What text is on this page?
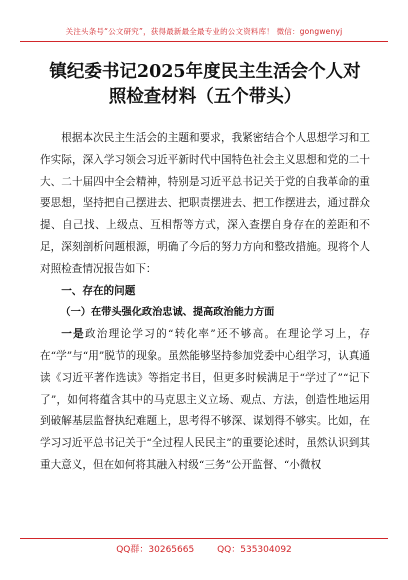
关注头条号“公文研究”，获得最新最全最专业的公文资料库！ 微信：gongwenyj
镇纪委书记2025年度民主生活会个人对
照检查材料（五个带头）

根据本次民主生活会的主题和要求，我紧密结合个人思想学习和工作实际，深入学习领会习近平新时代中国特色社会主义思想和党的二十大、二十届四中全会精神，特别是习近平总书记关于党的自我革命的重要思想，坚持把自己摆进去、把职责摆进去、把工作摆进去，通过群众提、自己找、上级点、互相帮等方式，深入查摆自身存在的差距和不足，深刻剖析问题根源，明确了今后的努力方向和整改措施。现将个人对照检查情况报告如下：

一、存在的问题

（一）在带头强化政治忠诚、提高政治能力方面

一是政治理论学习的“转化率”还不够高。在理论学习上，存在“学”与“用”脱节的现象。虽然能够坚持参加党委中心组学习，认真通读《习近平著作选读》等指定书目，但更多时候满足于“学过了”“记下了”，如何将蕴含其中的马克思主义立场、观点、方法，创造性地运用到破解基层监督执纪难题上，思考得不够深、谋划得不够实。比如，在学习习近平总书记关于“全过程人民民主”的重要论述时，虽然认识到其重大意义，但在如何将其融入村级“三务”公开监督、“小微权

QQ群：30265665	QQ：535304092
